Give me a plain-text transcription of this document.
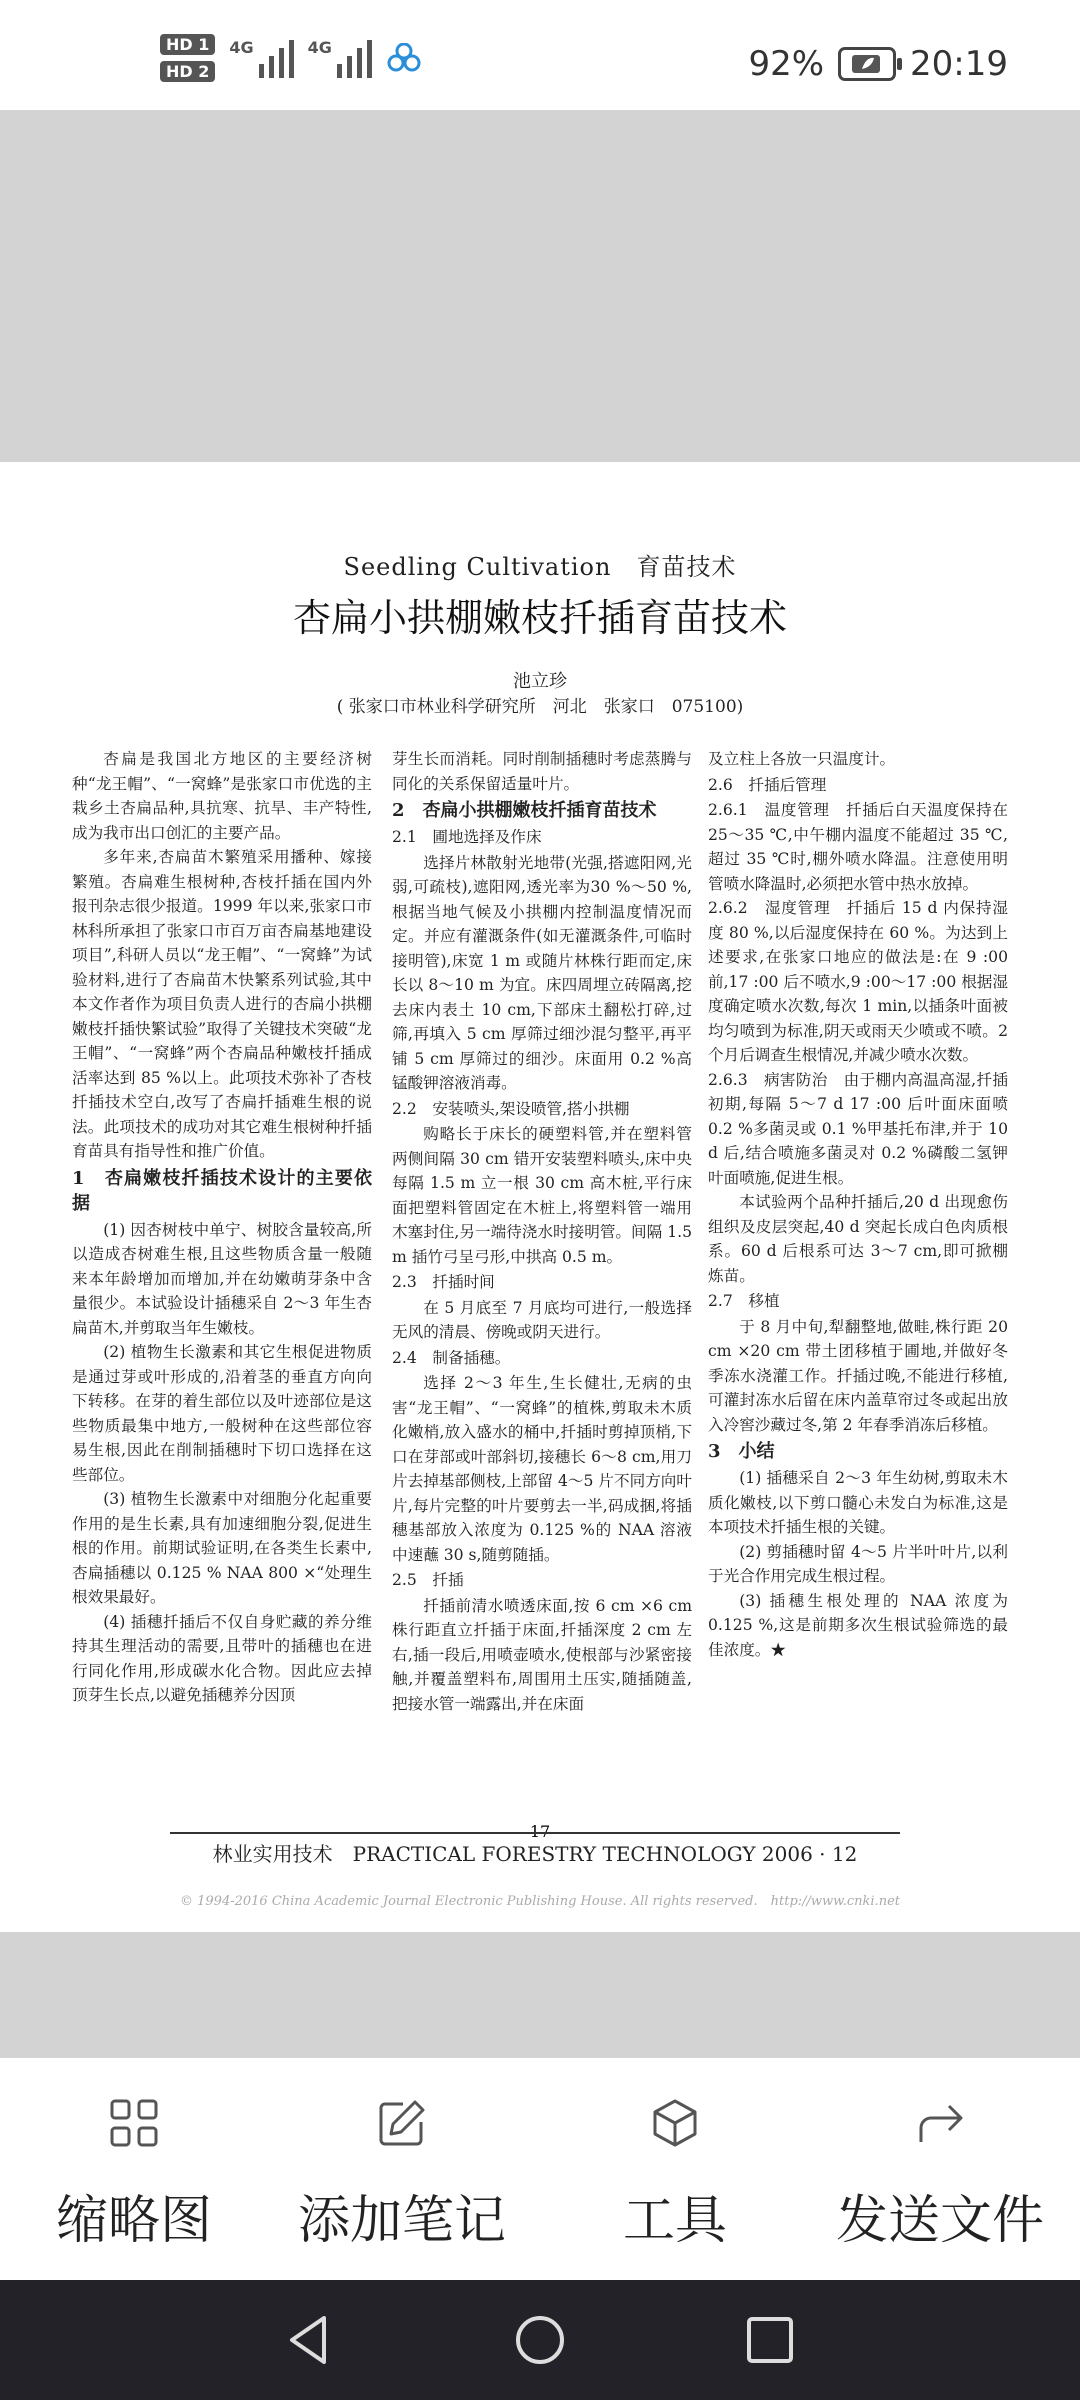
HD 1
HD 2
4G	4G	92%	20:19
Seedling Cultivation　育苗技术
杏扁小拱棚嫩枝扦插育苗技术
池立珍
( 张家口市林业科学研究所　河北　张家口　075100)

杏扁是我国北方地区的主要经济树种“龙王帽”、“一窝蜂”是张家口市优选的主栽乡土杏扁品种,具抗寒、抗旱、丰产特性,成为我市出口创汇的主要产品。

多年来,杏扁苗木繁殖采用播种、嫁接繁殖。杏扁难生根树种,杏枝扦插在国内外报刊杂志很少报道。1999 年以来,张家口市林科所承担了张家口市百万亩杏扁基地建设项目”,科研人员以“龙王帽”、“一窝蜂”为试验材料,进行了杏扁苗木快繁系列试验,其中本文作者作为项目负责人进行的杏扁小拱棚嫩枝扦插快繁试验”取得了关键技术突破“龙王帽”、“一窝蜂”两个杏扁品种嫩枝扦插成活率达到 85 %以上。此项技术弥补了杏枝扦插技术空白,改写了杏扁扦插难生根的说法。此项技术的成功对其它难生根树种扦插育苗具有指导性和推广价值。

1　杏扁嫩枝扦插技术设计的主要依据

(1) 因杏树枝中单宁、树胶含量较高,所以造成杏树难生根,且这些物质含量一般随来本年龄增加而增加,并在幼嫩萌芽条中含量很少。本试验设计插穗采自 2～3 年生杏扁苗木,并剪取当年生嫩枝。

(2) 植物生长激素和其它生根促进物质是通过芽或叶形成的,沿着茎的垂直方向向下转移。在芽的着生部位以及叶迹部位是这些物质最集中地方,一般树种在这些部位容易生根,因此在削制插穗时下切口选择在这些部位。

(3) 植物生长激素中对细胞分化起重要作用的是生长素,具有加速细胞分裂,促进生根的作用。前期试验证明,在各类生长素中,杏扁插穗以 0.125 % NAA 800 ×“处理生根效果最好。

(4) 插穗扦插后不仅自身贮藏的养分维持其生理活动的需要,且带叶的插穗也在进行同化作用,形成碳水化合物。因此应去掉顶芽生长点,以避免插穗养分因顶

芽生长而消耗。同时削制插穗时考虑蒸腾与同化的关系保留适量叶片。

2　杏扁小拱棚嫩枝扦插育苗技术
2.1　圃地选择及作床

选择片林散射光地带(光强,搭遮阳网,光弱,可疏枝),遮阳网,透光率为30 %～50 %,根据当地气候及小拱棚内控制温度情况而定。并应有灌溉条件(如无灌溉条件,可临时接明管),床宽 1 m 或随片林株行距而定,床长以 8～10 m 为宜。床四周埋立砖隔离,挖去床内表土 10 cm,下部床土翻松打碎,过筛,再填入 5 cm 厚筛过细沙混匀整平,再平铺 5 cm 厚筛过的细沙。床面用 0.2 %高锰酸钾溶液消毒。

2.2　安装喷头,架设喷管,搭小拱棚

购略长于床长的硬塑料管,并在塑料管两侧间隔 30 cm 错开安装塑料喷头,床中央每隔 1.5 m 立一根 30 cm 高木桩,平行床面把塑料管固定在木桩上,将塑料管一端用木塞封住,另一端待浇水时接明管。间隔 1.5 m 插竹弓呈弓形,中拱高 0.5 m。

2.3　扦插时间

在 5 月底至 7 月底均可进行,一般选择无风的清晨、傍晚或阴天进行。

2.4　制备插穗。

选择 2～3 年生,生长健壮,无病的虫害“龙王帽”、“一窝蜂”的植株,剪取未木质化嫩梢,放入盛水的桶中,扦插时剪掉顶梢,下口在芽部或叶部斜切,接穗长 6～8 cm,用刀片去掉基部侧枝,上部留 4～5 片不同方向叶片,每片完整的叶片要剪去一半,码成捆,将插穗基部放入浓度为 0.125 %的 NAA 溶液中速蘸 30 s,随剪随插。

2.5　扦插

扦插前清水喷透床面,按 6 cm ×6 cm 株行距直立扦插于床面,扦插深度 2 cm 左右,插一段后,用喷壶喷水,使根部与沙紧密接触,并覆盖塑料布,周围用土压实,随插随盖,把接水管一端露出,并在床面

及立柱上各放一只温度计。

2.6　扦插后管理

2.6.1　温度管理　扦插后白天温度保持在 25～35 ℃,中午棚内温度不能超过 35 ℃,超过 35 ℃时,棚外喷水降温。注意使用明管喷水降温时,必须把水管中热水放掉。

2.6.2　湿度管理　扦插后 15 d 内保持湿度 80 %,以后湿度保持在 60 %。为达到上述要求,在张家口地应的做法是:在 9 :00 前,17 :00 后不喷水,9 :00～17 :00 根据湿度确定喷水次数,每次 1 min,以插条叶面被均匀喷到为标准,阴天或雨天少喷或不喷。2 个月后调查生根情况,并减少喷水次数。

2.6.3　病害防治　由于棚内高温高湿,扦插初期,每隔 5～7 d 17 :00 后叶面床面喷 0.2 %多菌灵或 0.1 %甲基托布津,并于 10 d 后,结合喷施多菌灵对 0.2 %磷酸二氢钾叶面喷施,促进生根。

本试验两个品种扦插后,20 d 出现愈伤组织及皮层突起,40 d 突起长成白色肉质根系。60 d 后根系可达 3～7 cm,即可掀棚炼苗。

2.7　移植

于 8 月中旬,犁翻整地,做畦,株行距 20 cm ×20 cm 带土团移植于圃地,并做好冬季冻水浇灌工作。扦插过晚,不能进行移植,可灌封冻水后留在床内盖草帘过冬或起出放入冷窖沙藏过冬,第 2 年春季消冻后移植。

3　小结

(1) 插穗采自 2～3 年生幼树,剪取未木质化嫩枝,以下剪口髓心未发白为标准,这是本项技术扦插生根的关键。

(2) 剪插穗时留 4～5 片半叶叶片,以利于光合作用完成生根过程。

(3) 插穗生根处理的 NAA 浓度为 0.125 %,这是前期多次生根试验筛选的最佳浓度。★

17
林业实用技术　PRACTICAL FORESTRY TECHNOLOGY 2006 · 12
© 1994-2016 China Academic Journal Electronic Publishing House. All rights reserved.　http://www.cnki.net
缩略图	添加笔记	工具	发送文件
